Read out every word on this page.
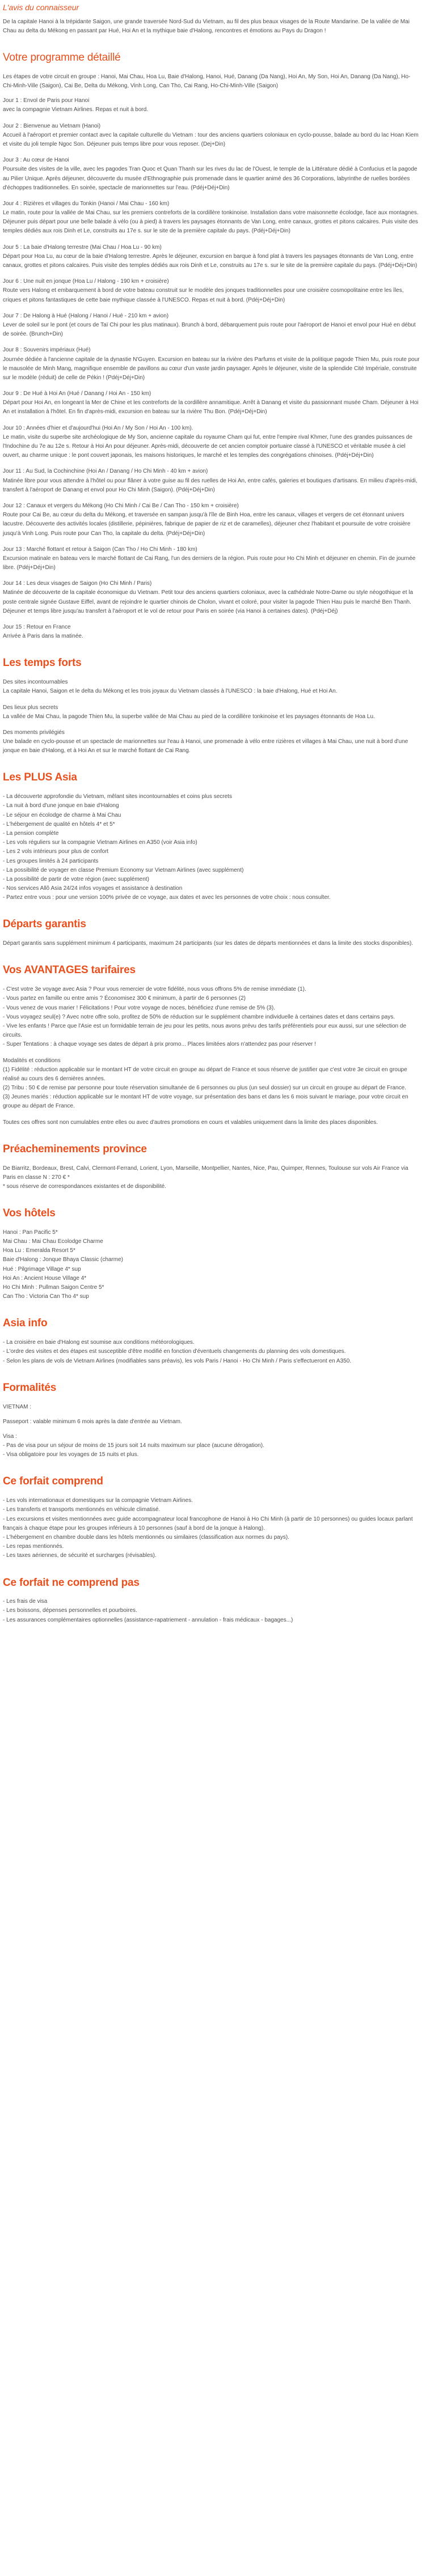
L'avis du connaisseur

De la capitale Hanoi à la trépidante Saigon, une grande traversée Nord-Sud du Vietnam, au fil des plus beaux visages de la Route Mandarine. De la vallée de Mai Chau au delta du Mékong en passant par Hué, Hoi An et la mythique baie d'Halong, rencontres et émotions au Pays du Dragon !

Votre programme détaillé

Les étapes de votre circuit en groupe : Hanoi, Mai Chau, Hoa Lu, Baie d'Halong, Hanoi, Hué, Danang (Da Nang), Hoi An, My Son, Hoi An, Danang (Da Nang), Ho-Chi-Minh-Ville (Saigon), Cai Be, Delta du Mékong, Vinh Long, Can Tho, Cai Rang, Ho-Chi-Minh-Ville (Saigon)

Jour 1 : Envol de Paris pour Hanoi
avec la compagnie Vietnam Airlines. Repas et nuit à bord.
Jour 2 : Bienvenue au Vietnam (Hanoi)
Accueil à l'aéroport et premier contact avec la capitale culturelle du Vietnam : tour des anciens quartiers coloniaux en cyclo-pousse, balade au bord du lac Hoan Kiem et visite du joli temple Ngoc Son. Déjeuner puis temps libre pour vous reposer. (Dej+Din)
Jour 3 : Au cœur de Hanoi
Poursuite des visites de la ville, avec les pagodes Tran Quoc et Quan Thanh sur les rives du lac de l'Ouest, le temple de la Littérature dédié à Confucius et la pagode au Pilier Unique. Après déjeuner, découverte du musée d'Ethnographie puis promenade dans le quartier animé des 36 Corporations, labyrinthe de ruelles bordées d'échoppes traditionnelles. En soirée, spectacle de marionnettes sur l'eau. (Pdéj+Déj+Din)
Jour 4 : Rizières et villages du Tonkin (Hanoi / Mai Chau - 160 km)
Le matin, route pour la vallée de Mai Chau, sur les premiers contreforts de la cordillère tonkinoise. Installation dans votre maisonnette écolodge, face aux montagnes. Déjeuner puis départ pour une belle balade à vélo (ou à pied) à travers les paysages étonnants de Van Long, entre canaux, grottes et pitons calcaires. Puis visite des temples dédiés aux rois Dinh et Le, construits au 17e s. sur le site de la première capitale du pays. (Pdéj+Déj+Din)
Jour 5 : La baie d'Halong terrestre (Mai Chau / Hoa Lu - 90 km)
Départ pour Hoa Lu, au cœur de la baie d'Halong terrestre. Après le déjeuner, excursion en barque à fond plat à travers les paysages étonnants de Van Long, entre canaux, grottes et pitons calcaires. Puis visite des temples dédiés aux rois Dinh et Le, construits au 17e s. sur le site de la première capitale du pays. (Pdéj+Déj+Din)
Jour 6 : Une nuit en jonque (Hoa Lu / Halong - 190 km + croisière)
Route vers Halong et embarquement à bord de votre bateau construit sur le modèle des jonques traditionnelles pour une croisière cosmopolitaine entre les îles, criques et pitons fantastiques de cette baie mythique classée à l'UNESCO. Repas et nuit à bord. (Pdéj+Déj+Din)
Jour 7 : De Halong à Hué (Halong / Hanoi / Hué - 210 km + avion)
Lever de soleil sur le pont (et cours de Taï Chi pour les plus matinaux). Brunch à bord, débarquement puis route pour l'aéroport de Hanoi et envol pour Hué en début de soirée. (Brunch+Din)
Jour 8 : Souvenirs impériaux (Hué)
Journée dédiée à l'ancienne capitale de la dynastie N'Guyen. Excursion en bateau sur la rivière des Parfums et visite de la politique pagode Thien Mu, puis route pour le mausolée de Minh Mang, magnifique ensemble de pavillons au cœur d'un vaste jardin paysager. Après le déjeuner, visite de la splendide Cité Impériale, construite sur le modèle (réduit) de celle de Pékin ! (Pdéj+Déj+Din)
Jour 9 : De Hué à Hoi An (Hué / Danang / Hoi An - 150 km)
Départ pour Hoi An, en longeant la Mer de Chine et les contreforts de la cordillère annamitique. Arrêt à Danang et visite du passionnant musée Cham. Déjeuner à Hoi An et installation à l'hôtel. En fin d'après-midi, excursion en bateau sur la rivière Thu Bon. (Pdéj+Déj+Din)
Jour 10 : Années d'hier et d'aujourd'hui (Hoi An / My Son / Hoi An - 100 km).
Le matin, visite du superbe site archéologique de My Son, ancienne capitale du royaume Cham qui fut, entre l'empire rival Khmer, l'une des grandes puissances de l'Indochine du 7e au 12e s. Retour à Hoi An pour déjeuner. Après-midi, découverte de cet ancien comptoir portuaire classé à l'UNESCO et véritable musée à ciel ouvert, au charme unique : le pont couvert japonais, les maisons historiques, le marché et les temples des congrégations chinoises. (Pdéj+Déj+Din)
Jour 11 : Au Sud, la Cochinchine (Hoi An / Danang / Ho Chi Minh - 40 km + avion)
Matinée libre pour vous attendre à l'hôtel ou pour flâner à votre guise au fil des ruelles de Hoi An, entre cafés, galeries et boutiques d'artisans. En milieu d'après-midi, transfert à l'aéroport de Danang et envol pour Ho Chi Minh (Saigon). (Pdéj+Déj+Din)
Jour 12 : Canaux et vergers du Mékong (Ho Chi Minh / Cai Be / Can Tho - 150 km + croisière)
Route pour Cai Be, au cœur du delta du Mékong, et traversée en sampan jusqu'à l'île de Binh Hoa, entre les canaux, villages et vergers de cet étonnant univers lacustre. Découverte des activités locales (distillerie, pépinières, fabrique de papier de riz et de caramelles), déjeuner chez l'habitant et poursuite de votre croisière jusqu'à Vinh Long. Puis route pour Can Tho, la capitale du delta. (Pdéj+Déj+Din)
Jour 13 : Marché flottant et retour à Saigon (Can Tho / Ho Chi Minh - 180 km)
Excursion matinale en bateau vers le marché flottant de Cai Rang, l'un des derniers de la région. Puis route pour Ho Chi Minh et déjeuner en chemin. Fin de journée libre. (Pdéj+Déj+Din)
Jour 14 : Les deux visages de Saigon (Ho Chi Minh / Paris)
Matinée de découverte de la capitale économique du Vietnam. Petit tour des anciens quartiers coloniaux, avec la cathédrale Notre-Dame ou style néogothique et la poste centrale signée Gustave Eiffel, avant de rejoindre le quartier chinois de Cholon, vivant et coloré, pour visiter la pagode Thien Hau puis le marché Ben Thanh. Déjeuner et temps libre jusqu'au transfert à l'aéroport et le vol de retour pour Paris en soirée (via Hanoi à certaines dates). (Pdéj+Déj)
Jour 15 : Retour en France
Arrivée à Paris dans la matinée.
Les temps forts
Des sites incontournables
La capitale Hanoi, Saigon et le delta du Mékong et les trois joyaux du Vietnam classés à l'UNESCO : la baie d'Halong, Hué et Hoi An.
Des lieux plus secrets
La vallée de Mai Chau, la pagode Thien Mu, la superbe vallée de Mai Chau au pied de la cordillère tonkinoise et les paysages étonnants de Hoa Lu.
Des moments privilégiés
Une balade en cyclo-pousse et un spectacle de marionnettes sur l'eau à Hanoi, une promenade à vélo entre rizières et villages à Mai Chau, une nuit à bord d'une jonque en baie d'Halong, et à Hoi An et sur le marché flottant de Cai Rang.
Les PLUS Asia
- La découverte approfondie du Vietnam, mêlant sites incontournables et coins plus secrets
- La nuit à bord d'une jonque en baie d'Halong
- Le séjour en écolodge de charme à Mai Chau
- L'hébergement de qualité en hôtels 4* et 5*
- La pension complète
- Les vols réguliers sur la compagnie Vietnam Airlines en A350 (voir Asia info)
- Les 2 vols intérieurs pour plus de confort
- Les groupes limités à 24 participants
- La possibilité de voyager en classe Premium Economy sur Vietnam Airlines (avec supplément)
- La possibilité de partir de votre région (avec supplément)
- Nos services Allô Asia 24/24 infos voyages et assistance à destination
- Partez entre vous : pour une version 100% privée de ce voyage, aux dates et avec les personnes de votre choix : nous consulter.
Départs garantis

Départ garantis sans supplément minimum 4 participants, maximum 24 participants (sur les dates de départs mentionnées et dans la limite des stocks disponibles).

Vos AVANTAGES tarifaires
- C'est votre 3e voyage avec Asia ? Pour vous remercier de votre fidélité, nous vous offrons 5% de remise immédiate (1).
- Vous partez en famille ou entre amis ? Économisez 300 € minimum, à partir de 6 personnes (2)
- Vous venez de vous marier ! Félicitations ! Pour votre voyage de noces, bénéficiez d'une remise de 5% (3).
- Vous voyagez seul(e) ? Avec notre offre solo, profitez de 50% de réduction sur le supplément chambre individuelle à certaines dates et dans certains pays.
- Vive les enfants ! Parce que l'Asie est un formidable terrain de jeu pour les petits, nous avons prévu des tarifs préférentiels pour eux aussi, sur une sélection de circuits.
- Super Tentations : à chaque voyage ses dates de départ à prix promo... Places limitées alors n'attendez pas pour réserver !
Modalités et conditions
(1) Fidélité : réduction applicable sur le montant HT de votre circuit en groupe au départ de France et sous réserve de justifier que c'est votre 3e circuit en groupe réalisé au cours des 6 dernières années.
(2) Tribu : 50 € de remise par personne pour toute réservation simultanée de 6 personnes ou plus (un seul dossier) sur un circuit en groupe au départ de France.
(3) Jeunes mariés : réduction applicable sur le montant HT de votre voyage, sur présentation des bans et dans les 6 mois suivant le mariage, pour votre circuit en groupe au départ de France.

Toutes ces offres sont non cumulables entre elles ou avec d'autres promotions en cours et valables uniquement dans la limite des places disponibles.

Préacheminements province
De Biarritz, Bordeaux, Brest, Calvi, Clermont-Ferrand, Lorient, Lyon, Marseille, Montpellier, Nantes, Nice, Pau, Quimper, Rennes, Toulouse sur vols Air France via Paris en classe N : 270 € *
* sous réserve de correspondances existantes et de disponibilité.
Vos hôtels
Hanoi : Pan Pacific 5*
Mai Chau : Mai Chau Ecolodge Charme
Hoa Lu : Emeralda Resort 5*
Baie d'Halong : Jonque Bhaya Classic (charme)
Hué : Pilgrimage Village 4* sup
Hoi An : Ancient House Village 4*
Ho Chi Minh : Pullman Saigon Centre 5*
Can Tho : Victoria Can Tho 4* sup
Asia info
- La croisière en baie d'Halong est soumise aux conditions météorologiques.
- L'ordre des visites et des étapes est susceptible d'être modifié en fonction d'éventuels changements du planning des vols domestiques.
- Selon les plans de vols de Vietnam Airlines (modifiables sans préavis), les vols Paris / Hanoi - Ho Chi Minh / Paris s'effectueront en A350.
Formalités

VIETNAM :

Passeport : valable minimum 6 mois après la date d'entrée au Vietnam.

Visa :
- Pas de visa pour un séjour de moins de 15 jours soit 14 nuits maximum sur place (aucune dérogation).
- Visa obligatoire pour les voyages de 15 nuits et plus.
Ce forfait comprend
- Les vols internationaux et domestiques sur la compagnie Vietnam Airlines.
- Les transferts et transports mentionnés en véhicule climatisé.
- Les excursions et visites mentionnées avec guide accompagnateur local francophone de Hanoi à Ho Chi Minh (à partir de 10 personnes) ou guides locaux parlant français à chaque étape pour les groupes inférieurs à 10 personnes (sauf à bord de la jonque à Halong).
- L'hébergement en chambre double dans les hôtels mentionnés ou similaires (classification aux normes du pays).
- Les repas mentionnés.
- Les taxes aériennes, de sécurité et surcharges (révisables).
Ce forfait ne comprend pas
- Les frais de visa
- Les boissons, dépenses personnelles et pourboires.
- Les assurances complémentaires optionnelles (assistance-rapatriement - annulation - frais médicaux - bagages...)
